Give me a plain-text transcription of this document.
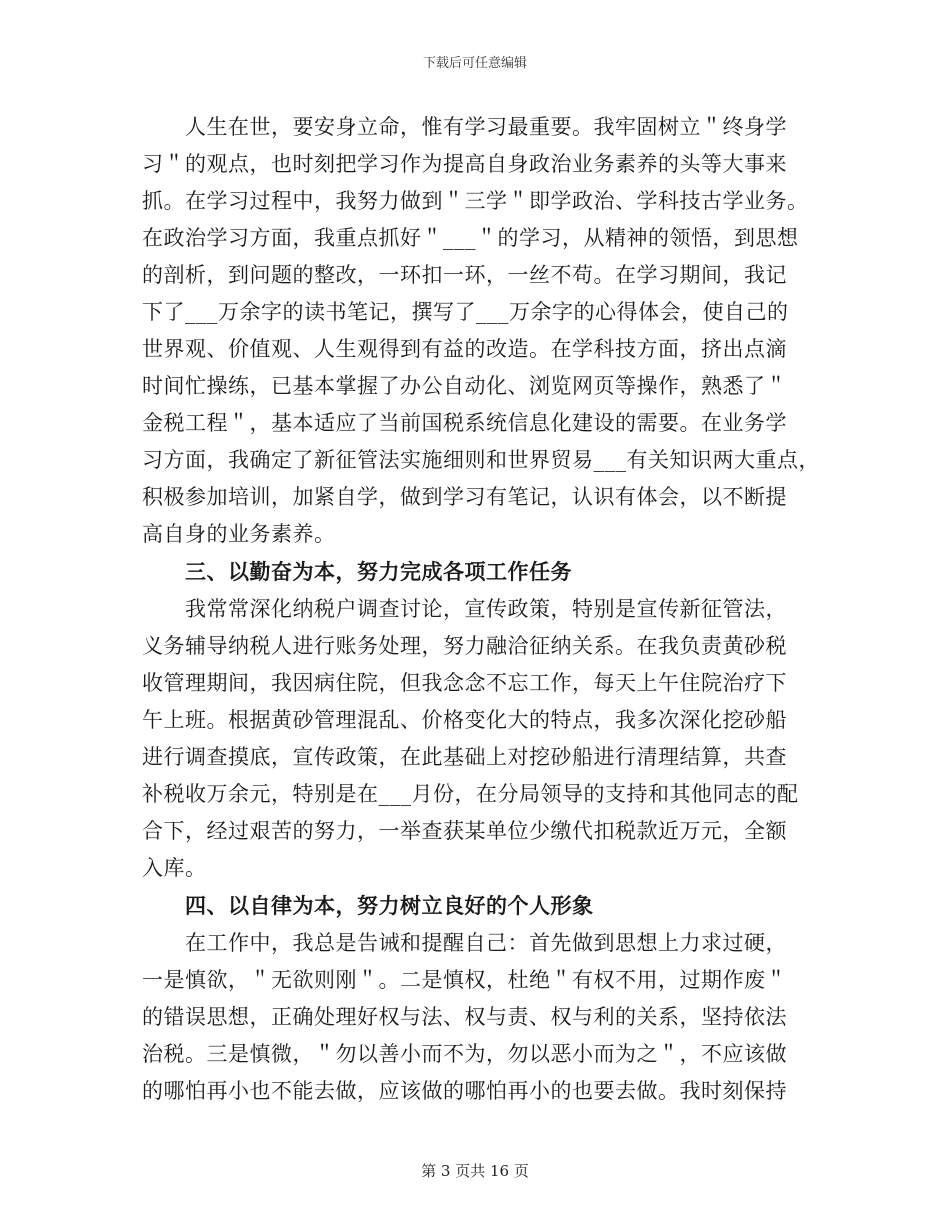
下载后可任意编辑
人生在世，要安身立命，惟有学习最重要。我牢固树立＂终身学
习＂的观点，也时刻把学习作为提高自身政治业务素养的头等大事来
抓。在学习过程中，我努力做到＂三学＂即学政治、学科技古学业务。
在政治学习方面，我重点抓好＂___＂的学习，从精神的领悟，到思想
的剖析，到问题的整改，一环扣一环，一丝不苟。在学习期间，我记
下了___万余字的读书笔记，撰写了___万余字的心得体会，使自己的
世界观、价值观、人生观得到有益的改造。在学科技方面，挤出点滴
时间忙操练，已基本掌握了办公自动化、浏览网页等操作，熟悉了＂
金税工程＂，基本适应了当前国税系统信息化建设的需要。在业务学
习方面，我确定了新征管法实施细则和世界贸易___有关知识两大重点，
积极参加培训，加紧自学，做到学习有笔记，认识有体会，以不断提
高自身的业务素养。
三、以勤奋为本，努力完成各项工作任务
我常常深化纳税户调查讨论，宣传政策，特别是宣传新征管法，
义务辅导纳税人进行账务处理，努力融洽征纳关系。在我负责黄砂税
收管理期间，我因病住院，但我念念不忘工作，每天上午住院治疗下
午上班。根据黄砂管理混乱、价格变化大的特点，我多次深化挖砂船
进行调查摸底，宣传政策，在此基础上对挖砂船进行清理结算，共查
补税收万余元，特别是在___月份，在分局领导的支持和其他同志的配
合下，经过艰苦的努力，一举查获某单位少缴代扣税款近万元，全额
入库。
四、以自律为本，努力树立良好的个人形象
在工作中，我总是告诫和提醒自己：首先做到思想上力求过硬，
一是慎欲，＂无欲则刚＂。二是慎权，杜绝＂有权不用，过期作废＂
的错误思想，正确处理好权与法、权与责、权与利的关系，坚持依法
治税。三是慎微，＂勿以善小而不为，勿以恶小而为之＂，不应该做
的哪怕再小也不能去做，应该做的哪怕再小的也要去做。我时刻保持
第 3 页共 16 页
